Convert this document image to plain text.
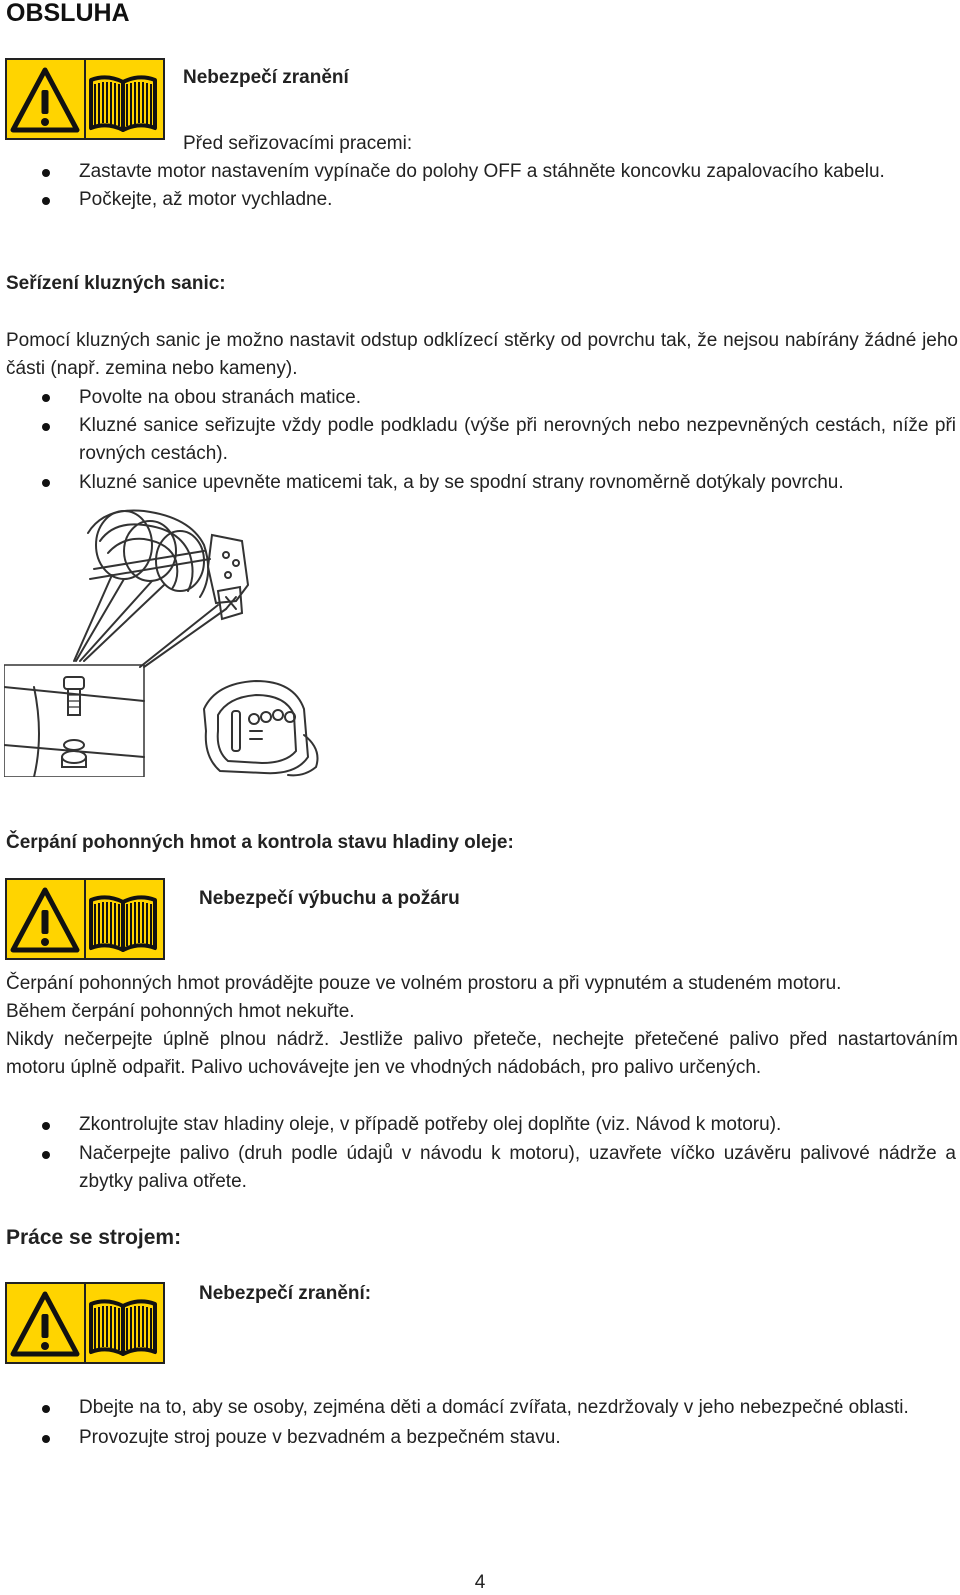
OBSLUHA
Nebezpečí zranění
Před seřizovacími pracemi:
Zastavte motor nastavením vypínače do polohy OFF a stáhněte koncovku zapalovacího kabelu.
Počkejte, až motor vychladne.
Seřízení kluzných sanic:
Pomocí kluzných sanic je možno nastavit odstup odklízecí stěrky od povrchu tak, že nejsou nabírány žádné jeho části (např. zemina nebo kameny).
Povolte na obou stranách matice.
Kluzné sanice seřizujte vždy podle podkladu (výše při nerovných nebo nezpevněných cestách, níže při rovných cestách).
Kluzné sanice upevněte maticemi tak, a by se spodní strany rovnoměrně dotýkaly povrchu.
Čerpání pohonných hmot a kontrola stavu hladiny oleje:
Nebezpečí výbuchu a požáru
Čerpání pohonných hmot provádějte pouze ve volném prostoru a při vypnutém a studeném motoru.
Během čerpání pohonných hmot nekuřte.
Nikdy nečerpejte úplně plnou nádrž. Jestliže palivo přeteče, nechejte přetečené palivo před nastartováním motoru úplně odpařit. Palivo uchovávejte jen ve vhodných nádobách, pro palivo určených.
Zkontrolujte stav hladiny oleje, v případě potřeby olej doplňte (viz. Návod k motoru).
Načerpejte palivo (druh podle údajů v návodu k motoru), uzavřete víčko uzávěru palivové nádrže a zbytky paliva otřete.
Práce se strojem:
Nebezpečí zranění:
Dbejte na to, aby se osoby, zejména děti a domácí zvířata, nezdržovaly v jeho nebezpečné oblasti.
Provozujte stroj pouze v bezvadném a bezpečném stavu.
4
